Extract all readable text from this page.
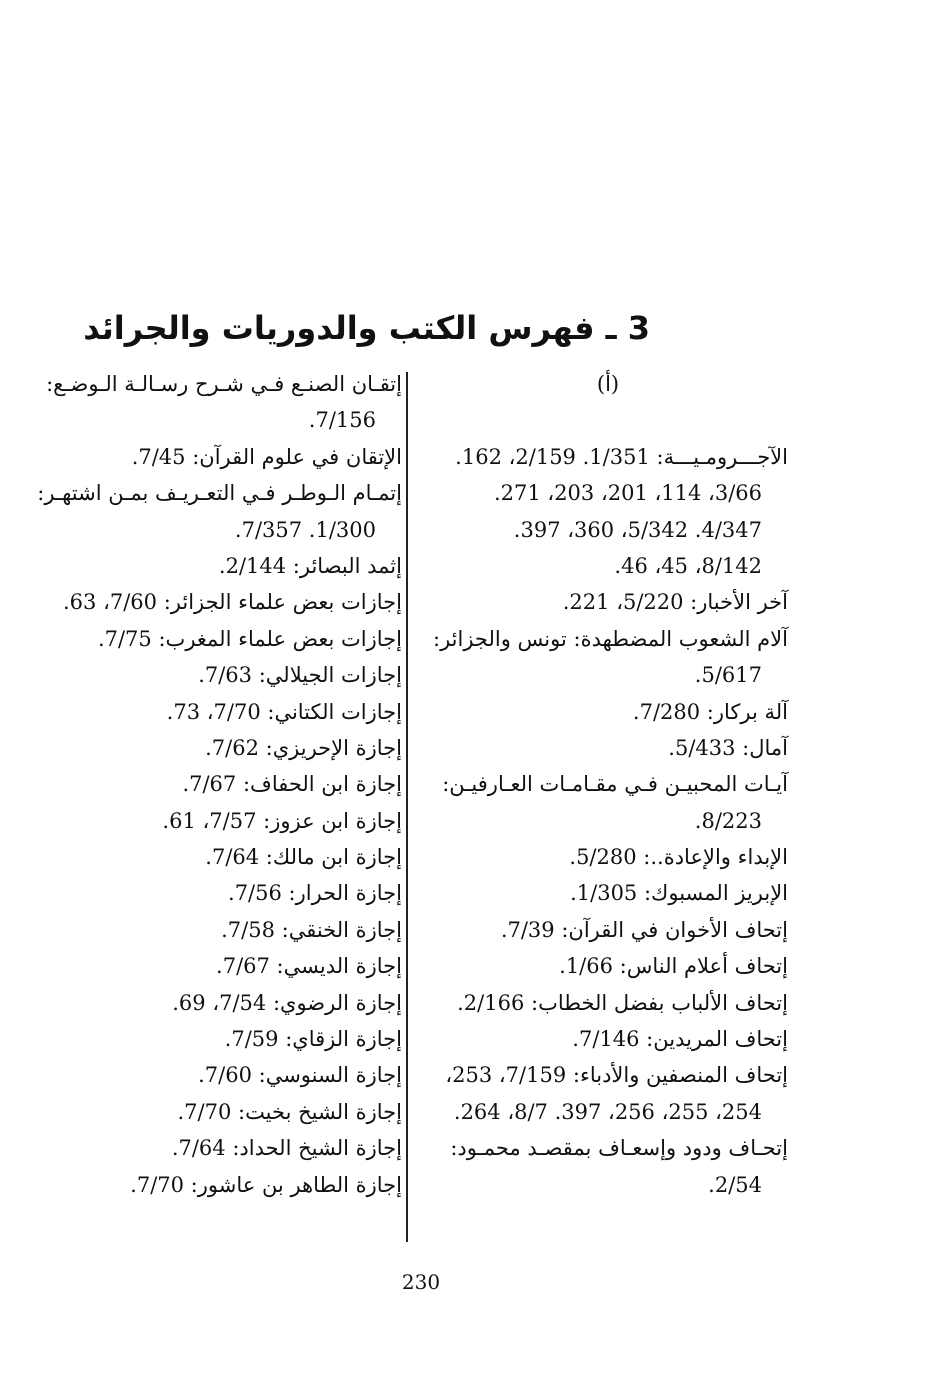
3 ـ فهرس الكتب والدوريات والجرائد
(أ)
الآجـــرومـيـــة: 1/351. 2/159، 162.
3/66، 114، 201، 203، 271.
4/347. 5/342، 360، 397.
8/142، 45، 46.
آخر الأخبار: 5/220، 221.
آلام الشعوب المضطهدة: تونس والجزائر:
5/617.
آلة بركار: 7/280.
آمال: 5/433.
آيـات المحبيـن فـي مقـامـات العـارفيـن:
8/223.
الإبداء والإعادة..: 5/280.
الإبريز المسبوك: 1/305.
إتحاف الأخوان في القرآن: 7/39.
إتحاف أعلام الناس: 1/66.
إتحاف الألباب بفضل الخطاب: 2/166.
إتحاف المريدين: 7/146.
إتحاف المنصفين والأدباء: 7/159، 253،
254، 255، 256، 397. 8/7، 264.
إتحـاف ودود وإسعـاف بمقصـد محمـود:
2/54.
إتقـان الصنـع فـي شـرح رسـالـة الـوضـع:
7/156.
الإتقان في علوم القرآن: 7/45.
إتمـام الـوطـر فـي التعـريـف بمـن اشتهـر:
1/300. 7/357.
إثمد البصائر: 2/144.
إجازات بعض علماء الجزائر: 7/60، 63.
إجازات بعض علماء المغرب: 7/75.
إجازات الجيلالي: 7/63.
إجازات الكتاني: 7/70، 73.
إجازة الإحريزي: 7/62.
إجازة ابن الحفاف: 7/67.
إجازة ابن عزوز: 7/57، 61.
إجازة ابن مالك: 7/64.
إجازة الحرار: 7/56.
إجازة الخنقي: 7/58.
إجازة الديسي: 7/67.
إجازة الرضوي: 7/54، 69.
إجازة الزقاي: 7/59.
إجازة السنوسي: 7/60.
إجازة الشيخ بخيت: 7/70.
إجازة الشيخ الحداد: 7/64.
إجازة الطاهر بن عاشور: 7/70.
230
